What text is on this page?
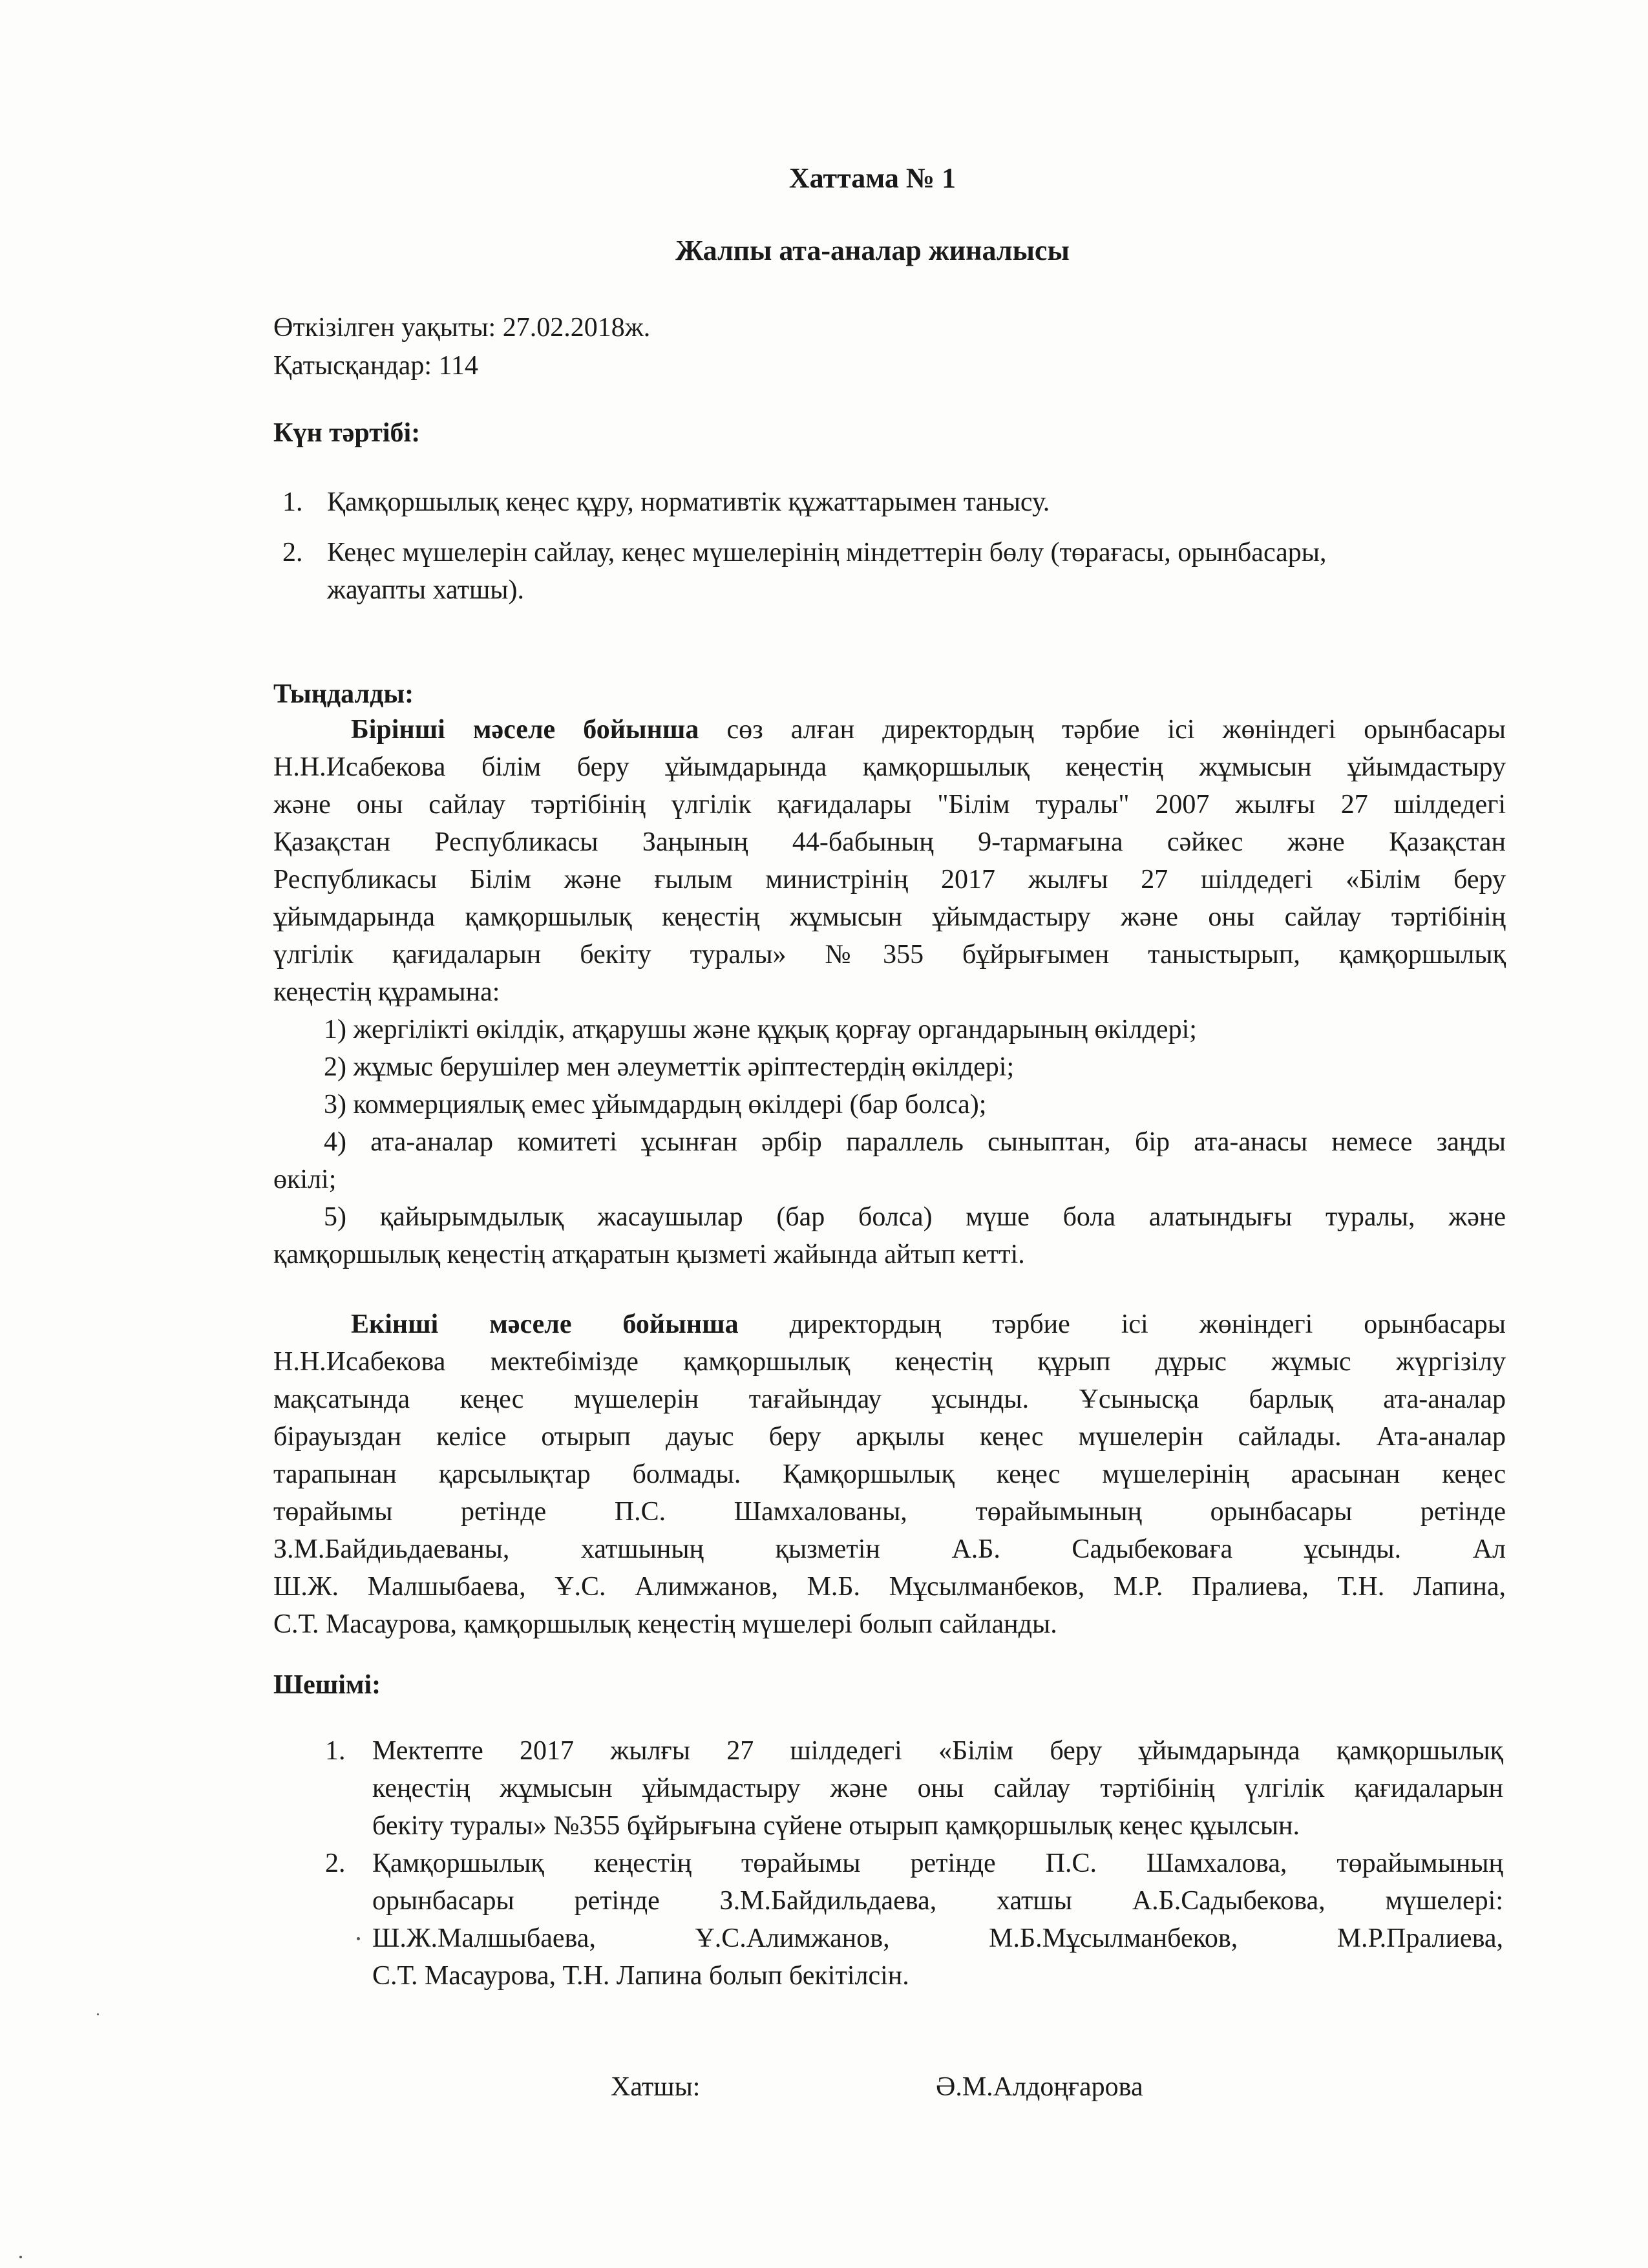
Хаттама № 1
Жалпы ата-аналар жиналысы
Өткізілген уақыты: 27.02.2018ж.
Қатысқандар: 114
Күн тәртібі:
1. Қамқоршылық кеңес құру, нормативтік құжаттарымен танысу.
2. Кеңес мүшелерін сайлау, кеңес мүшелерінің міндеттерін бөлу (төрағасы, орынбасары,
жауапты хатшы).
Тыңдалды:
Бірінші мәселе бойынша сөз алған директордың тәрбие ісі жөніндегі орынбасары
Н.Н.Исабекова білім беру ұйымдарында қамқоршылық кеңестің жұмысын ұйымдастыру
және оны сайлау тәртібінің үлгілік қағидалары "Білім туралы" 2007 жылғы 27 шілдедегі
Қазақстан Республикасы Заңының 44-бабының 9-тармағына сәйкес және Қазақстан
Республикасы Білім және ғылым министрінің 2017 жылғы 27 шілдедегі «Білім беру
ұйымдарында қамқоршылық кеңестің жұмысын ұйымдастыру және оны сайлау тәртібінің
үлгілік қағидаларын бекіту туралы» №355 бұйрығымен таныстырып, қамқоршылық
кеңестің құрамына:
1) жергілікті өкілдік, атқарушы және құқық қорғау органдарының өкілдері;
2) жұмыс берушілер мен әлеуметтік әріптестердің өкілдері;
3) коммерциялық емес ұйымдардың өкілдері (бар болса);
4) ата-аналар комитеті ұсынған әрбір параллель сыныптан, бір ата-анасы немесе заңды
өкілі;
5) қайырымдылық жасаушылар (бар болса) мүше бола алатындығы туралы, және
қамқоршылық кеңестің атқаратын қызметі жайында айтып кетті.
Екінші мәселе бойынша директордың тәрбие ісі жөніндегі орынбасары
Н.Н.Исабекова мектебімізде қамқоршылық кеңестің құрып дұрыс жұмыс жүргізілу
мақсатында кеңес мүшелерін тағайындау ұсынды. Ұсынысқа барлық ата-аналар
бірауыздан келісе отырып дауыс беру арқылы кеңес мүшелерін сайлады. Ата-аналар
тарапынан қарсылықтар болмады. Қамқоршылық кеңес мүшелерінің арасынан кеңес
төрайымы ретінде П.С. Шамхалованы, төрайымының орынбасары ретінде
З.М.Байдиьдаеваны, хатшының қызметін А.Б. Садыбековаға ұсынды. Ал
Ш.Ж. Малшыбаева, Ұ.С. Алимжанов, М.Б. Мұсылманбеков, М.Р. Пралиева, Т.Н. Лапина,
С.Т. Масаурова, қамқоршылық кеңестің мүшелері болып сайланды.
Шешімі:
1. Мектепте 2017 жылғы 27 шілдедегі «Білім беру ұйымдарында қамқоршылық
кеңестің жұмысын ұйымдастыру және оны сайлау тәртібінің үлгілік қағидаларын
бекіту туралы» №355 бұйрығына сүйене отырып қамқоршылық кеңес құылсын.
2. Қамқоршылық кеңестің төрайымы ретінде П.С. Шамхалова, төрайымының
орынбасары ретінде З.М.Байдильдаева, хатшы А.Б.Садыбекова, мүшелері:
Ш.Ж.Малшыбаева, Ұ.С.Алимжанов, М.Б.Мұсылманбеков, М.Р.Пралиева,
С.Т. Масаурова, Т.Н. Лапина болып бекітілсін.
Хатшы:	Ә.М.Алдоңғарова
